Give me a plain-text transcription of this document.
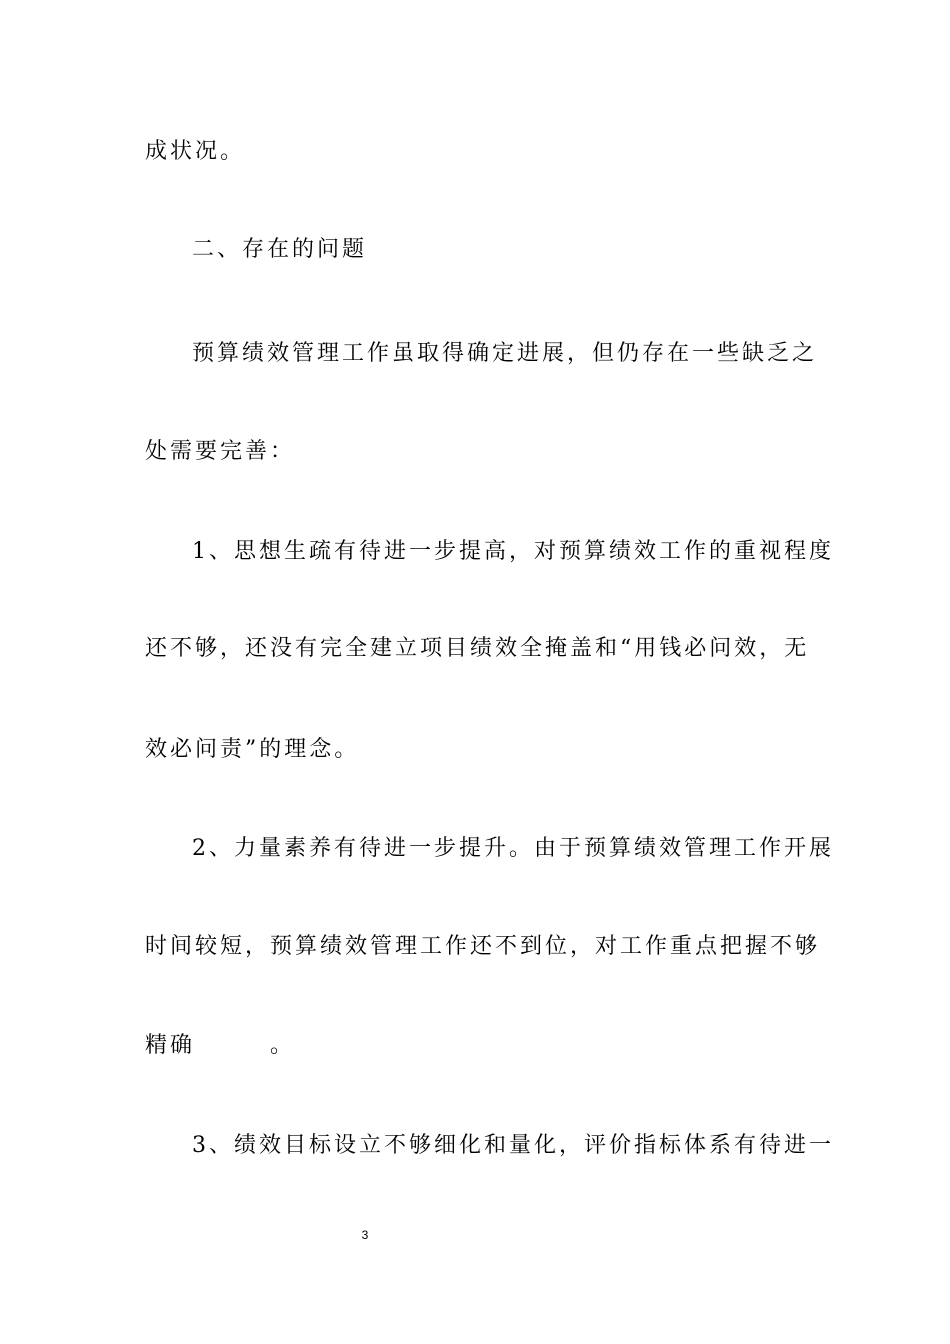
成状况。

二、存在的问题

预算绩效管理工作虽取得确定进展，但仍存在一些缺乏之

处需要完善：

1、思想生疏有待进一步提高，对预算绩效工作的重视程度

还不够，还没有完全建立项目绩效全掩盖和“用钱必问效，无

效必问责”的理念。

2、力量素养有待进一步提升。由于预算绩效管理工作开展

时间较短，预算绩效管理工作还不到位，对工作重点把握不够

精确　　　。

3、绩效目标设立不够细化和量化，评价指标体系有待进一

3
